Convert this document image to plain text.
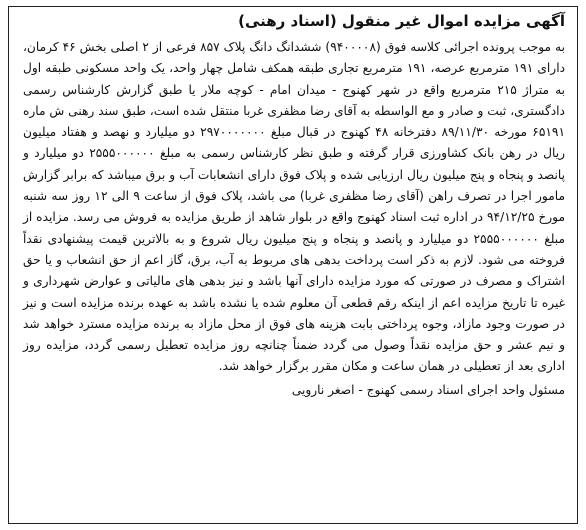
آگهی مزایده اموال غیر منقول (اسناد رهنی)

به موجب پرونده اجرائی کلاسه فوق (۹۴۰۰۰۰۸) ششدانگ دانگ پلاک ۸۵۷ فرعی از ۲ اصلی بخش ۴۶ کرمان، دارای ۱۹۱ مترمربع عرصه، ۱۹۱ مترمربع تجاری طبقه همکف شامل چهار واحد، یک واحد مسکونی طبقه اول به متراژ ۲۱۵ مترمربع واقع در شهر کهنوج - میدان امام - کوچه ملار یا طبق گزارش کارشناس رسمی دادگستری، ثبت و صادر و مع الواسطه به آقای رضا مظفری غربا منتقل شده است، طبق سند رهنی ش ماره ۶۵۱۹۱ مورخه ۸۹/۱۱/۳۰ دفترخانه ۴۸ کهنوج در قبال مبلغ ۲۹۷۰۰۰۰۰۰۰ دو میلیارد و نهصد و هفتاد میلیون ریال در رهن بانک کشاورزی قرار گرفته و طبق نظر کارشناس رسمی به مبلغ ۲۵۵۵۰۰۰۰۰۰ دو میلیارد و پانصد و پنجاه و پنج میلیون ریال ارزیابی شده و پلاک فوق دارای انشعابات آب و برق میباشد که برابر گزارش مامور اجرا در تصرف راهن (آقای رضا مظفری غربا) می باشد، پلاک فوق از ساعت ۹ الی ۱۲ روز سه شنبه مورخ ۹۴/۱۲/۲۵ در اداره ثبت اسناد کهنوج واقع در بلوار شاهد از طریق مزایده به فروش می رسد. مزایده از مبلغ ۲۵۵۵۰۰۰۰۰۰ دو میلیارد و پانصد و پنجاه و پنج میلیون ریال شروع و به بالاترین قیمت پیشنهادی نقداً فروخته می شود. لازم به ذکر است پرداخت بدهی های مربوط به آب، برق، گاز اعم از حق انشعاب و یا حق اشتراک و مصرف در صورتی که مورد مزایده دارای آنها باشد و نیز بدهی های مالیاتی و عوارض شهرداری و غیره تا تاریخ مزایده اعم از اینکه رقم قطعی آن معلوم شده یا نشده باشد به عهده برنده مزایده است و نیز در صورت وجود مازاد، وجوه پرداختی بابت هزینه های فوق از محل مازاد به برنده مزایده مسترد خواهد شد و نیم عشر و حق مزایده نقداً وصول می گردد ضمناً چنانچه روز مزایده تعطیل رسمی گردد، مزایده روز اداری بعد از تعطیلی در همان ساعت و مکان مقرر برگزار خواهد شد.

مسئول واحد اجرای اسناد رسمی کهنوج - اصغر نارویی
